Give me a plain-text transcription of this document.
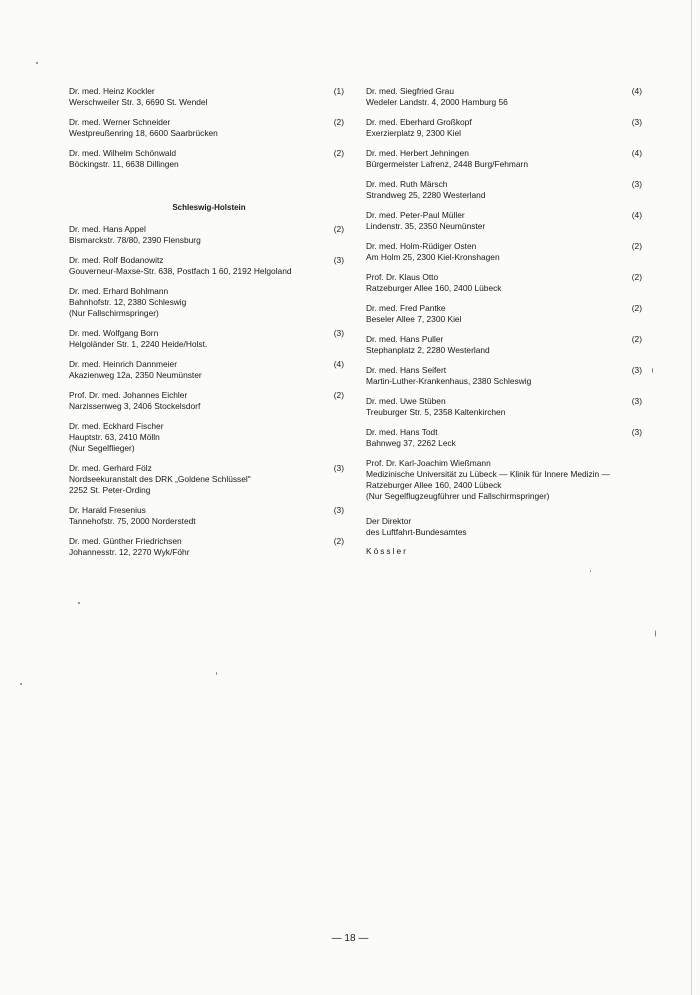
Dr. med. Heinz Kockler
Werschweiler Str. 3, 6690 St. Wendel
(1)
Dr. med. Werner Schneider
Westpreußenring 18, 6600 Saarbrücken
(2)
Dr. med. Wilhelm Schönwald
Böckingstr. 11, 6638 Dillingen
(2)
Schleswig-Holstein
Dr. med. Hans Appel
Bismarckstr. 78/80, 2390 Flensburg
(2)
Dr. med. Rolf Bodanowitz
Gouverneur-Maxse-Str. 638, Postfach 1 60, 2192 Helgoland
(3)
Dr. med. Erhard Bohlmann
Bahnhofstr. 12, 2380 Schleswig
(Nur Fallschirmspringer)
Dr. med. Wolfgang Born
Helgoländer Str. 1, 2240 Heide/Holst.
(3)
Dr. med. Heinrich Dannmeier
Akazienweg 12a, 2350 Neumünster
(4)
Prof. Dr. med. Johannes Eichler
Narzissenweg 3, 2406 Stockelsdorf
(2)
Dr. med. Eckhard Fischer
Hauptstr. 63, 2410 Mölln
(Nur Segelflieger)
Dr. med. Gerhard Fölz
Nordseekuranstalt des DRK „Goldene Schlüssel"
2252 St. Peter-Ording
(3)
Dr. Harald Fresenius
Tannehofstr. 75, 2000 Norderstedt
(3)
Dr. med. Günther Friedrichsen
Johannesstr. 12, 2270 Wyk/Föhr
(2)
Dr. med. Siegfried Grau
Wedeler Landstr. 4, 2000 Hamburg 56
(4)
Dr. med. Eberhard Großkopf
Exerzierplatz 9, 2300 Kiel
(3)
Dr. med. Herbert Jehningen
Bürgermeister Lafrenz, 2448 Burg/Fehmarn
(4)
Dr. med. Ruth Märsch
Strandweg 25, 2280 Westerland
(3)
Dr. med. Peter-Paul Müller
Lindenstr. 35, 2350 Neumünster
(4)
Dr. med. Holm-Rüdiger Osten
Am Holm 25, 2300 Kiel-Kronshagen
(2)
Prof. Dr. Klaus Otto
Ratzeburger Allee 160, 2400 Lübeck
(2)
Dr. med. Fred Pantke
Beseler Allee 7, 2300 Kiel
(2)
Dr. med. Hans Puller
Stephanplatz 2, 2280 Westerland
(2)
Dr. med. Hans Seifert
Martin-Luther-Krankenhaus, 2380 Schleswig
(3)
Dr. med. Uwe Stüben
Treuburger Str. 5, 2358 Kaltenkirchen
(3)
Dr. med. Hans Todt
Bahnweg 37, 2262 Leck
(3)
Prof. Dr. Karl-Joachim Wießmann
Medizinische Universität zu Lübeck — Klinik für Innere Medizin —
Ratzeburger Allee 160, 2400 Lübeck
(Nur Segelflugzeugführer und Fallschirmspringer)
Der Direktor
des Luftfahrt-Bundesamtes
Kössler
— 18 —
